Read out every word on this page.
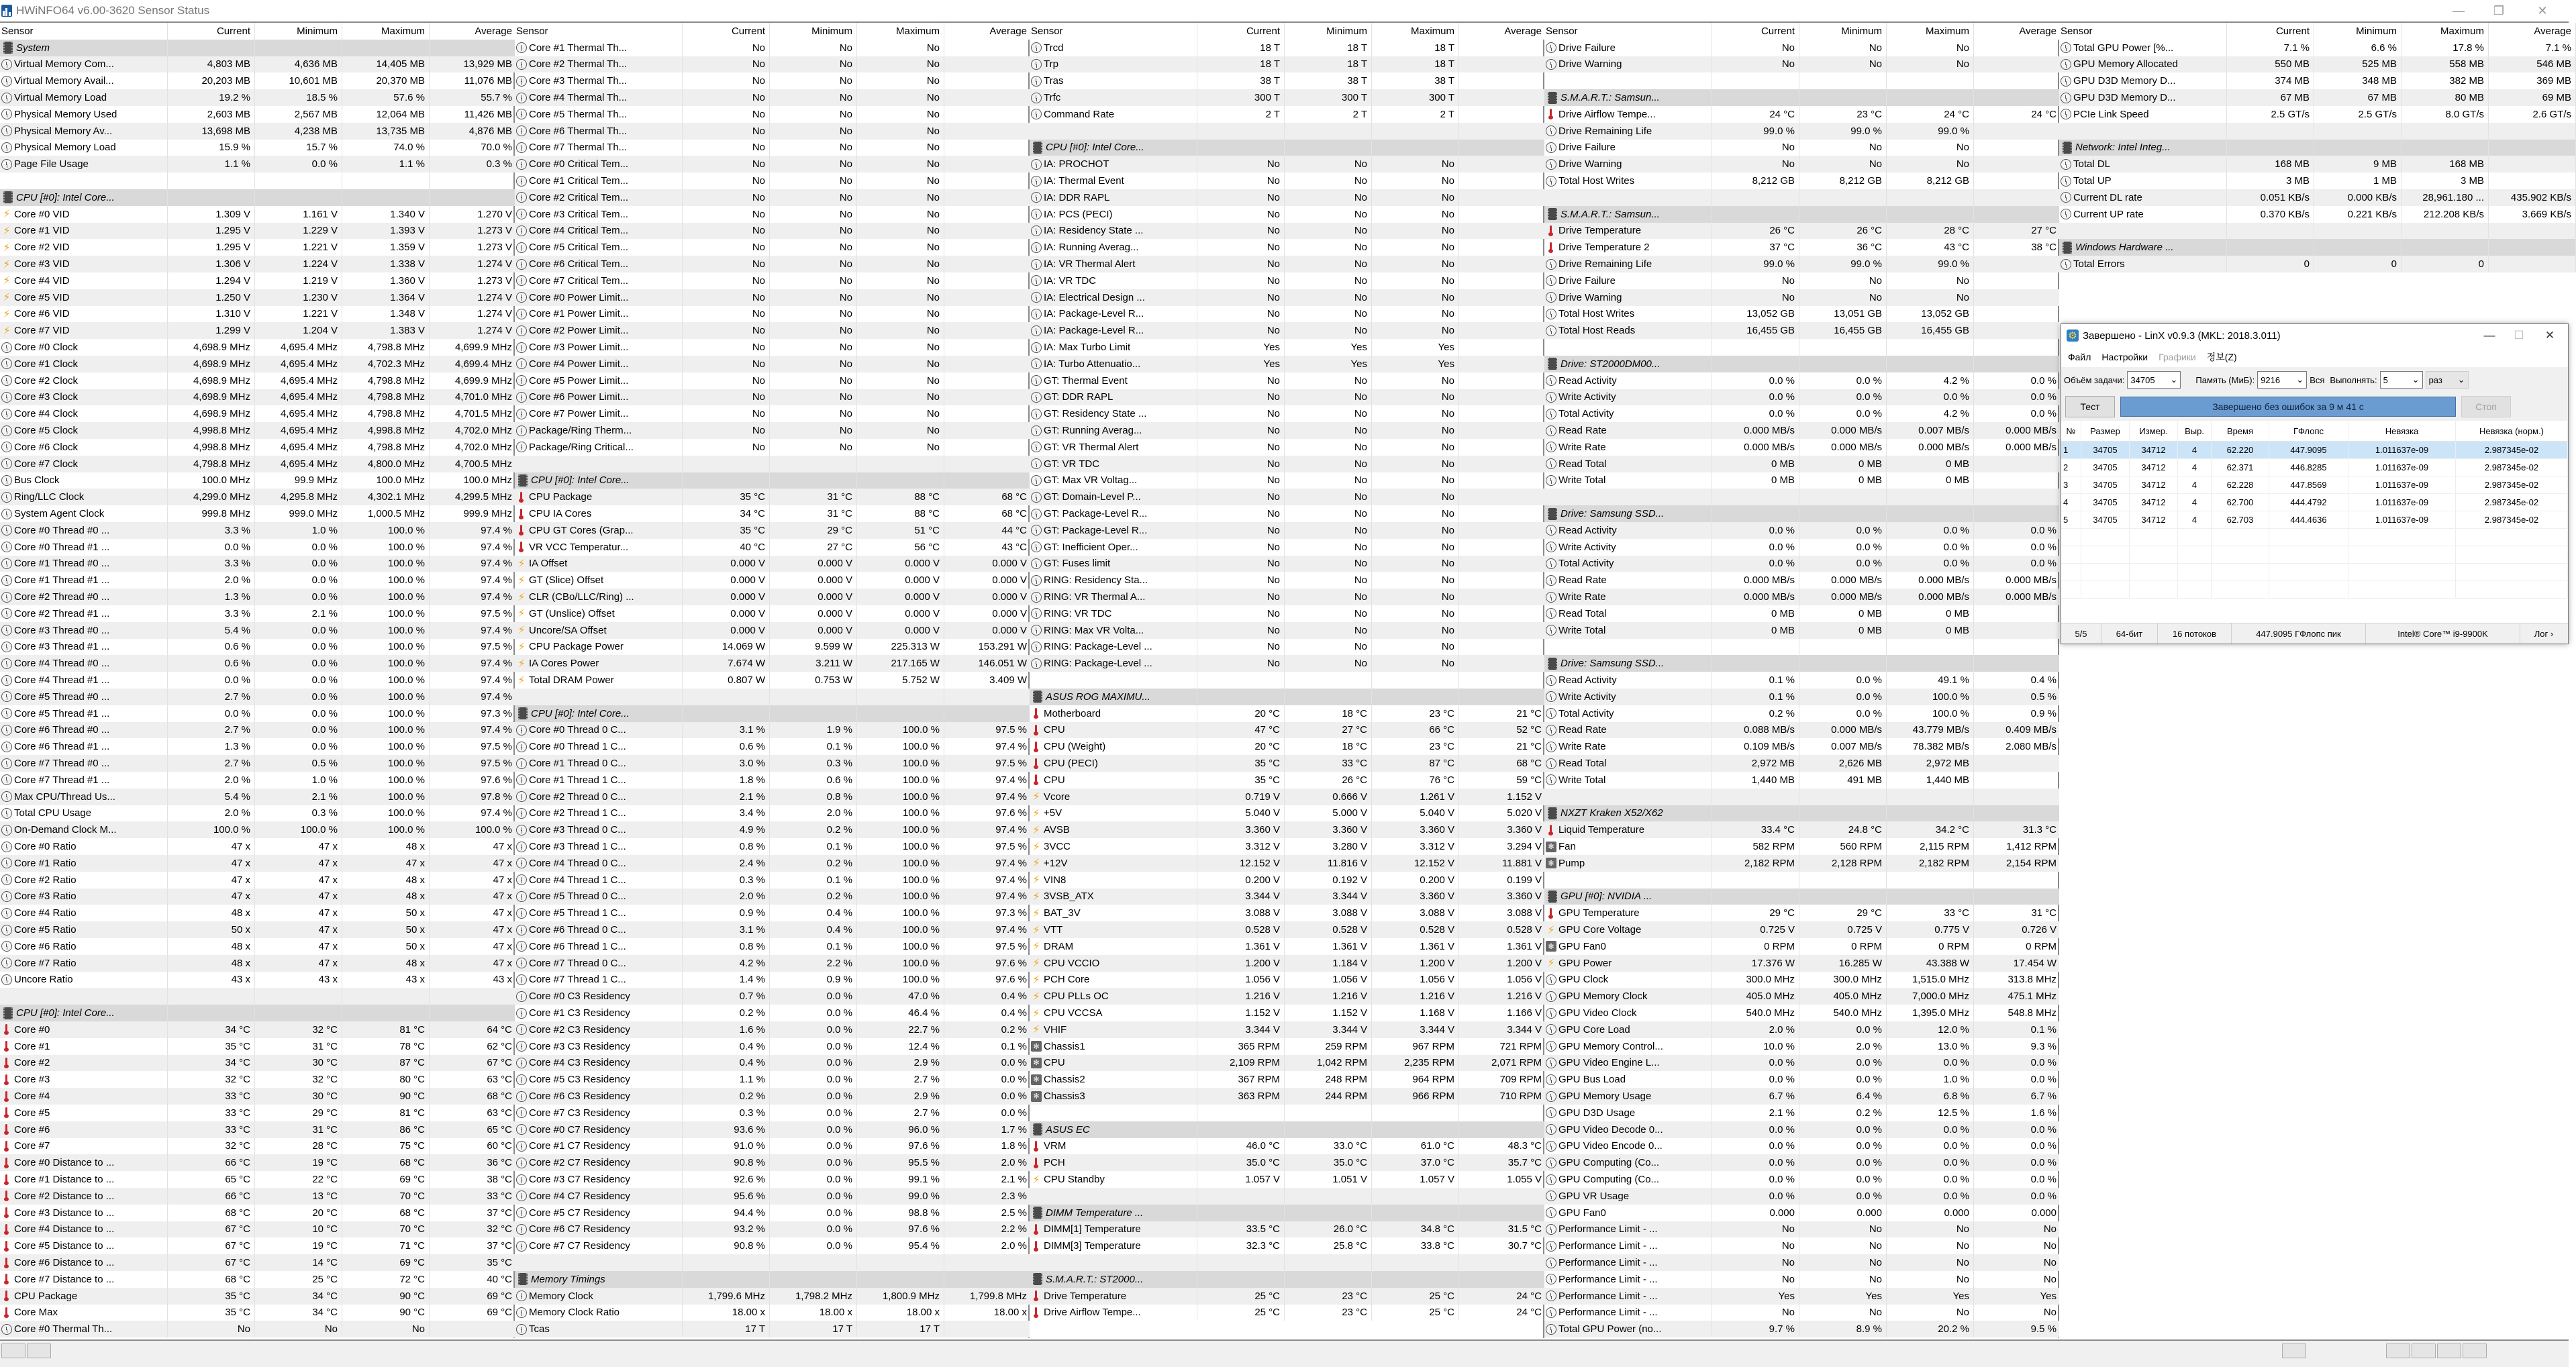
HWiNFO64 v6.00-3620 Sensor Status	— ❐	✕
Sensor	Current	Minimum	Maximum	Average
System
Virtual Memory Com...	4,803 MB	4,636 MB	14,405 MB	13,929 MB
Virtual Memory Avail...	20,203 MB	10,601 MB	20,370 MB	11,076 MB
Virtual Memory Load	19.2 %	18.5 %	57.6 %	55.7 %
Physical Memory Used	2,603 MB	2,567 MB	12,064 MB	11,426 MB
Physical Memory Av...	13,698 MB	4,238 MB	13,735 MB	4,876 MB
Physical Memory Load	15.9 %	15.7 %	74.0 %	70.0 %
Page File Usage	1.1 %	0.0 %	1.1 %	0.3 %
CPU [#0]: Intel Core...
⚡ Core #0 VID	1.309 V	1.161 V	1.340 V	1.270 V
⚡ Core #1 VID	1.295 V	1.229 V	1.393 V	1.273 V
⚡ Core #2 VID	1.295 V	1.221 V	1.359 V	1.273 V
⚡ Core #3 VID	1.306 V	1.224 V	1.338 V	1.274 V
⚡ Core #4 VID	1.294 V	1.219 V	1.360 V	1.273 V
⚡ Core #5 VID	1.250 V	1.230 V	1.364 V	1.274 V
⚡ Core #6 VID	1.310 V	1.221 V	1.348 V	1.274 V
⚡ Core #7 VID	1.299 V	1.204 V	1.383 V	1.274 V
Core #0 Clock	4,698.9 MHz	4,695.4 MHz	4,798.8 MHz	4,699.9 MHz
Core #1 Clock	4,698.9 MHz	4,695.4 MHz	4,702.3 MHz	4,699.4 MHz
Core #2 Clock	4,698.9 MHz	4,695.4 MHz	4,798.8 MHz	4,699.9 MHz
Core #3 Clock	4,698.9 MHz	4,695.4 MHz	4,798.8 MHz	4,701.0 MHz
Core #4 Clock	4,698.9 MHz	4,695.4 MHz	4,798.8 MHz	4,701.5 MHz
Core #5 Clock	4,998.8 MHz	4,695.4 MHz	4,998.8 MHz	4,702.0 MHz
Core #6 Clock	4,998.8 MHz	4,695.4 MHz	4,798.8 MHz	4,702.0 MHz
Core #7 Clock	4,798.8 MHz	4,695.4 MHz	4,800.0 MHz	4,700.5 MHz
Bus Clock	100.0 MHz	99.9 MHz	100.0 MHz	100.0 MHz
Ring/LLC Clock	4,299.0 MHz	4,295.8 MHz	4,302.1 MHz	4,299.5 MHz
System Agent Clock	999.8 MHz	999.0 MHz	1,000.5 MHz	999.9 MHz
Core #0 Thread #0 ...	3.3 %	1.0 %	100.0 %	97.4 %
Core #0 Thread #1 ...	0.0 %	0.0 %	100.0 %	97.4 %
Core #1 Thread #0 ...	3.3 %	0.0 %	100.0 %	97.4 %
Core #1 Thread #1 ...	2.0 %	0.0 %	100.0 %	97.4 %
Core #2 Thread #0 ...	1.3 %	0.0 %	100.0 %	97.4 %
Core #2 Thread #1 ...	3.3 %	2.1 %	100.0 %	97.5 %
Core #3 Thread #0 ...	5.4 %	0.0 %	100.0 %	97.4 %
Core #3 Thread #1 ...	0.6 %	0.0 %	100.0 %	97.5 %
Core #4 Thread #0 ...	0.6 %	0.0 %	100.0 %	97.4 %
Core #4 Thread #1 ...	0.0 %	0.0 %	100.0 %	97.4 %
Core #5 Thread #0 ...	2.7 %	0.0 %	100.0 %	97.4 %
Core #5 Thread #1 ...	0.0 %	0.0 %	100.0 %	97.3 %
Core #6 Thread #0 ...	2.7 %	0.0 %	100.0 %	97.4 %
Core #6 Thread #1 ...	1.3 %	0.0 %	100.0 %	97.5 %
Core #7 Thread #0 ...	2.7 %	0.5 %	100.0 %	97.5 %
Core #7 Thread #1 ...	2.0 %	1.0 %	100.0 %	97.6 %
Max CPU/Thread Us...	5.4 %	2.1 %	100.0 %	97.8 %
Total CPU Usage	2.0 %	0.3 %	100.0 %	97.4 %
On-Demand Clock M...	100.0 %	100.0 %	100.0 %	100.0 %
Core #0 Ratio	47 x	47 x	48 x	47 x
Core #1 Ratio	47 x	47 x	47 x	47 x
Core #2 Ratio	47 x	47 x	48 x	47 x
Core #3 Ratio	47 x	47 x	48 x	47 x
Core #4 Ratio	48 x	47 x	50 x	47 x
Core #5 Ratio	50 x	47 x	50 x	47 x
Core #6 Ratio	48 x	47 x	50 x	47 x
Core #7 Ratio	48 x	47 x	48 x	47 x
Uncore Ratio	43 x	43 x	43 x	43 x
CPU [#0]: Intel Core...
Core #0	34 °C	32 °C	81 °C	64 °C
Core #1	35 °C	31 °C	78 °C	62 °C
Core #2	34 °C	30 °C	87 °C	67 °C
Core #3	32 °C	32 °C	80 °C	63 °C
Core #4	33 °C	30 °C	90 °C	68 °C
Core #5	33 °C	29 °C	81 °C	63 °C
Core #6	33 °C	31 °C	86 °C	65 °C
Core #7	32 °C	28 °C	75 °C	60 °C
Core #0 Distance to ...	66 °C	19 °C	68 °C	36 °C
Core #1 Distance to ...	65 °C	22 °C	69 °C	38 °C
Core #2 Distance to ...	66 °C	13 °C	70 °C	33 °C
Core #3 Distance to ...	68 °C	20 °C	68 °C	37 °C
Core #4 Distance to ...	67 °C	10 °C	70 °C	32 °C
Core #5 Distance to ...	67 °C	19 °C	71 °C	37 °C
Core #6 Distance to ...	67 °C	14 °C	69 °C	35 °C
Core #7 Distance to ...	68 °C	25 °C	72 °C	40 °C
CPU Package	35 °C	34 °C	90 °C	69 °C
Core Max	35 °C	34 °C	90 °C	69 °C
Core #0 Thermal Th...	No	No	No
Sensor	Current	Minimum	Maximum	Average
Core #1 Thermal Th...	No	No	No
Core #2 Thermal Th...	No	No	No
Core #3 Thermal Th...	No	No	No
Core #4 Thermal Th...	No	No	No
Core #5 Thermal Th...	No	No	No
Core #6 Thermal Th...	No	No	No
Core #7 Thermal Th...	No	No	No
Core #0 Critical Tem...	No	No	No
Core #1 Critical Tem...	No	No	No
Core #2 Critical Tem...	No	No	No
Core #3 Critical Tem...	No	No	No
Core #4 Critical Tem...	No	No	No
Core #5 Critical Tem...	No	No	No
Core #6 Critical Tem...	No	No	No
Core #7 Critical Tem...	No	No	No
Core #0 Power Limit...	No	No	No
Core #1 Power Limit...	No	No	No
Core #2 Power Limit...	No	No	No
Core #3 Power Limit...	No	No	No
Core #4 Power Limit...	No	No	No
Core #5 Power Limit...	No	No	No
Core #6 Power Limit...	No	No	No
Core #7 Power Limit...	No	No	No
Package/Ring Therm...	No	No	No
Package/Ring Critical...	No	No	No
CPU [#0]: Intel Core...
CPU Package	35 °C	31 °C	88 °C	68 °C
CPU IA Cores	34 °C	31 °C	88 °C	68 °C
CPU GT Cores (Grap...	35 °C	29 °C	51 °C	44 °C
VR VCC Temperatur...	40 °C	27 °C	56 °C	43 °C
⚡ IA Offset	0.000 V	0.000 V	0.000 V	0.000 V
⚡ GT (Slice) Offset	0.000 V	0.000 V	0.000 V	0.000 V
⚡ CLR (CBo/LLC/Ring) ...	0.000 V	0.000 V	0.000 V	0.000 V
⚡ GT (Unslice) Offset	0.000 V	0.000 V	0.000 V	0.000 V
⚡ Uncore/SA Offset	0.000 V	0.000 V	0.000 V	0.000 V
⚡ CPU Package Power	14.069 W	9.599 W	225.313 W	153.291 W
⚡ IA Cores Power	7.674 W	3.211 W	217.165 W	146.051 W
⚡ Total DRAM Power	0.807 W	0.753 W	5.752 W	3.409 W
CPU [#0]: Intel Core...
Core #0 Thread 0 C...	3.1 %	1.9 %	100.0 %	97.5 %
Core #0 Thread 1 C...	0.6 %	0.1 %	100.0 %	97.4 %
Core #1 Thread 0 C...	3.0 %	0.3 %	100.0 %	97.5 %
Core #1 Thread 1 C...	1.8 %	0.6 %	100.0 %	97.4 %
Core #2 Thread 0 C...	2.1 %	0.8 %	100.0 %	97.4 %
Core #2 Thread 1 C...	3.4 %	2.0 %	100.0 %	97.6 %
Core #3 Thread 0 C...	4.9 %	0.2 %	100.0 %	97.4 %
Core #3 Thread 1 C...	0.8 %	0.1 %	100.0 %	97.5 %
Core #4 Thread 0 C...	2.4 %	0.2 %	100.0 %	97.4 %
Core #4 Thread 1 C...	0.3 %	0.1 %	100.0 %	97.4 %
Core #5 Thread 0 C...	2.0 %	0.2 %	100.0 %	97.4 %
Core #5 Thread 1 C...	0.9 %	0.4 %	100.0 %	97.3 %
Core #6 Thread 0 C...	3.1 %	0.4 %	100.0 %	97.4 %
Core #6 Thread 1 C...	0.8 %	0.1 %	100.0 %	97.5 %
Core #7 Thread 0 C...	4.2 %	2.2 %	100.0 %	97.6 %
Core #7 Thread 1 C...	1.4 %	0.9 %	100.0 %	97.6 %
Core #0 C3 Residency	0.7 %	0.0 %	47.0 %	0.4 %
Core #1 C3 Residency	0.2 %	0.0 %	46.4 %	0.4 %
Core #2 C3 Residency	1.6 %	0.0 %	22.7 %	0.2 %
Core #3 C3 Residency	0.4 %	0.0 %	12.4 %	0.1 %
Core #4 C3 Residency	0.4 %	0.0 %	2.9 %	0.0 %
Core #5 C3 Residency	1.1 %	0.0 %	2.7 %	0.0 %
Core #6 C3 Residency	0.2 %	0.0 %	2.9 %	0.0 %
Core #7 C3 Residency	0.3 %	0.0 %	2.7 %	0.0 %
Core #0 C7 Residency	93.6 %	0.0 %	96.0 %	1.7 %
Core #1 C7 Residency	91.0 %	0.0 %	97.6 %	1.8 %
Core #2 C7 Residency	90.8 %	0.0 %	95.5 %	2.0 %
Core #3 C7 Residency	92.6 %	0.0 %	99.1 %	2.1 %
Core #4 C7 Residency	95.6 %	0.0 %	99.0 %	2.3 %
Core #5 C7 Residency	94.4 %	0.0 %	98.8 %	2.5 %
Core #6 C7 Residency	93.2 %	0.0 %	97.6 %	2.2 %
Core #7 C7 Residency	90.8 %	0.0 %	95.4 %	2.0 %
Memory Timings
Memory Clock	1,799.6 MHz	1,798.2 MHz	1,800.9 MHz	1,799.8 MHz
Memory Clock Ratio	18.00 x	18.00 x	18.00 x	18.00 x
Tcas	17 T	17 T	17 T
Sensor	Current	Minimum	Maximum	Average
Trcd	18 T	18 T	18 T
Trp	18 T	18 T	18 T
Tras	38 T	38 T	38 T
Trfc	300 T	300 T	300 T
Command Rate	2 T	2 T	2 T
CPU [#0]: Intel Core...
IA: PROCHOT	No	No	No
IA: Thermal Event	No	No	No
IA: DDR RAPL	No	No	No
IA: PCS (PECI)	No	No	No
IA: Residency State ...	No	No	No
IA: Running Averag...	No	No	No
IA: VR Thermal Alert	No	No	No
IA: VR TDC	No	No	No
IA: Electrical Design ...	No	No	No
IA: Package-Level R...	No	No	No
IA: Package-Level R...	No	No	No
IA: Max Turbo Limit	Yes	Yes	Yes
IA: Turbo Attenuatio...	Yes	Yes	Yes
GT: Thermal Event	No	No	No
GT: DDR RAPL	No	No	No
GT: Residency State ...	No	No	No
GT: Running Averag...	No	No	No
GT: VR Thermal Alert	No	No	No
GT: VR TDC	No	No	No
GT: Max VR Voltag...	No	No	No
GT: Domain-Level P...	No	No	No
GT: Package-Level R...	No	No	No
GT: Package-Level R...	No	No	No
GT: Inefficient Oper...	No	No	No
GT: Fuses limit	No	No	No
RING: Residency Sta...	No	No	No
RING: VR Thermal A...	No	No	No
RING: VR TDC	No	No	No
RING: Max VR Volta...	No	No	No
RING: Package-Level ...	No	No	No
RING: Package-Level ...	No	No	No
ASUS ROG MAXIMU...
Motherboard	20 °C	18 °C	23 °C	21 °C
CPU	47 °C	27 °C	66 °C	52 °C
CPU (Weight)	20 °C	18 °C	23 °C	21 °C
CPU (PECI)	35 °C	33 °C	87 °C	68 °C
CPU	35 °C	26 °C	76 °C	59 °C
⚡ Vcore	0.719 V	0.666 V	1.261 V	1.152 V
⚡ +5V	5.040 V	5.000 V	5.040 V	5.020 V
⚡ AVSB	3.360 V	3.360 V	3.360 V	3.360 V
⚡ 3VCC	3.312 V	3.280 V	3.312 V	3.294 V
⚡ +12V	12.152 V	11.816 V	12.152 V	11.881 V
⚡ VIN8	0.200 V	0.192 V	0.200 V	0.199 V
⚡ 3VSB_ATX	3.344 V	3.344 V	3.360 V	3.360 V
⚡ BAT_3V	3.088 V	3.088 V	3.088 V	3.088 V
⚡ VTT	0.528 V	0.528 V	0.528 V	0.528 V
⚡ DRAM	1.361 V	1.361 V	1.361 V	1.361 V
⚡ CPU VCCIO	1.200 V	1.184 V	1.200 V	1.200 V
⚡ PCH Core	1.056 V	1.056 V	1.056 V	1.056 V
⚡ CPU PLLs OC	1.216 V	1.216 V	1.216 V	1.216 V
⚡ CPU VCCSA	1.152 V	1.152 V	1.168 V	1.166 V
⚡ VHIF	3.344 V	3.344 V	3.344 V	3.344 V
✻ Chassis1	365 RPM	259 RPM	967 RPM	721 RPM
✻ CPU	2,109 RPM	1,042 RPM	2,235 RPM	2,071 RPM
✻ Chassis2	367 RPM	248 RPM	964 RPM	709 RPM
✻ Chassis3	363 RPM	244 RPM	966 RPM	710 RPM
ASUS EC
VRM	46.0 °C	33.0 °C	61.0 °C	48.3 °C
PCH	35.0 °C	35.0 °C	37.0 °C	35.7 °C
⚡ CPU Standby	1.057 V	1.051 V	1.057 V	1.055 V
DIMM Temperature ...
DIMM[1] Temperature	33.5 °C	26.0 °C	34.8 °C	31.5 °C
DIMM[3] Temperature	32.3 °C	25.8 °C	33.8 °C	30.7 °C
S.M.A.R.T.: ST2000...
Drive Temperature	25 °C	23 °C	25 °C	24 °C
Drive Airflow Tempe...	25 °C	23 °C	25 °C	24 °C
Sensor	Current	Minimum	Maximum	Average
Drive Failure	No	No	No
Drive Warning	No	No	No
S.M.A.R.T.: Samsun...
Drive Airflow Tempe...	24 °C	23 °C	24 °C	24 °C
Drive Remaining Life	99.0 %	99.0 %	99.0 %
Drive Failure	No	No	No
Drive Warning	No	No	No
Total Host Writes	8,212 GB	8,212 GB	8,212 GB
S.M.A.R.T.: Samsun...
Drive Temperature	26 °C	26 °C	28 °C	27 °C
Drive Temperature 2	37 °C	36 °C	43 °C	38 °C
Drive Remaining Life	99.0 %	99.0 %	99.0 %
Drive Failure	No	No	No
Drive Warning	No	No	No
Total Host Writes	13,052 GB	13,051 GB	13,052 GB
Total Host Reads	16,455 GB	16,455 GB	16,455 GB
Drive: ST2000DM00...
Read Activity	0.0 %	0.0 %	4.2 %	0.0 %
Write Activity	0.0 %	0.0 %	0.0 %	0.0 %
Total Activity	0.0 %	0.0 %	4.2 %	0.0 %
Read Rate	0.000 MB/s	0.000 MB/s	0.007 MB/s	0.000 MB/s
Write Rate	0.000 MB/s	0.000 MB/s	0.000 MB/s	0.000 MB/s
Read Total	0 MB	0 MB	0 MB
Write Total	0 MB	0 MB	0 MB
Drive: Samsung SSD...
Read Activity	0.0 %	0.0 %	0.0 %	0.0 %
Write Activity	0.0 %	0.0 %	0.0 %	0.0 %
Total Activity	0.0 %	0.0 %	0.0 %	0.0 %
Read Rate	0.000 MB/s	0.000 MB/s	0.000 MB/s	0.000 MB/s
Write Rate	0.000 MB/s	0.000 MB/s	0.000 MB/s	0.000 MB/s
Read Total	0 MB	0 MB	0 MB
Write Total	0 MB	0 MB	0 MB
Drive: Samsung SSD...
Read Activity	0.1 %	0.0 %	49.1 %	0.4 %
Write Activity	0.1 %	0.0 %	100.0 %	0.5 %
Total Activity	0.2 %	0.0 %	100.0 %	0.9 %
Read Rate	0.088 MB/s	0.000 MB/s	43.779 MB/s	0.409 MB/s
Write Rate	0.109 MB/s	0.007 MB/s	78.382 MB/s	2.080 MB/s
Read Total	2,972 MB	2,626 MB	2,972 MB
Write Total	1,440 MB	491 MB	1,440 MB
NXZT Kraken X52/X62
Liquid Temperature	33.4 °C	24.8 °C	34.2 °C	31.3 °C
✻ Fan	582 RPM	560 RPM	2,115 RPM	1,412 RPM
✻ Pump	2,182 RPM	2,128 RPM	2,182 RPM	2,154 RPM
GPU [#0]: NVIDIA ...
GPU Temperature	29 °C	29 °C	33 °C	31 °C
⚡ GPU Core Voltage	0.725 V	0.725 V	0.775 V	0.726 V
✻ GPU Fan0	0 RPM	0 RPM	0 RPM	0 RPM
⚡ GPU Power	17.376 W	16.285 W	43.388 W	17.454 W
GPU Clock	300.0 MHz	300.0 MHz	1,515.0 MHz	313.8 MHz
GPU Memory Clock	405.0 MHz	405.0 MHz	7,000.0 MHz	475.1 MHz
GPU Video Clock	540.0 MHz	540.0 MHz	1,395.0 MHz	548.8 MHz
GPU Core Load	2.0 %	0.0 %	12.0 %	0.1 %
GPU Memory Control...	10.0 %	2.0 %	13.0 %	9.3 %
GPU Video Engine L...	0.0 %	0.0 %	0.0 %	0.0 %
GPU Bus Load	0.0 %	0.0 %	1.0 %	0.0 %
GPU Memory Usage	6.7 %	6.4 %	6.8 %	6.7 %
GPU D3D Usage	2.1 %	0.2 %	12.5 %	1.6 %
GPU Video Decode 0...	0.0 %	0.0 %	0.0 %	0.0 %
GPU Video Encode 0...	0.0 %	0.0 %	0.0 %	0.0 %
GPU Computing (Co...	0.0 %	0.0 %	0.0 %	0.0 %
GPU Computing (Co...	0.0 %	0.0 %	0.0 %	0.0 %
GPU VR Usage	0.0 %	0.0 %	0.0 %	0.0 %
GPU Fan0	0.000	0.000	0.000	0.000
Performance Limit - ...	No	No	No	No
Performance Limit - ...	No	No	No	No
Performance Limit - ...	No	No	No	No
Performance Limit - ...	No	No	No	No
Performance Limit - ...	Yes	Yes	Yes	Yes
Performance Limit - ...	No	No	No	No
Total GPU Power (no...	9.7 %	8.9 %	20.2 %	9.5 %
Sensor	Current	Minimum	Maximum	Average
Total GPU Power [%...	7.1 %	6.6 %	17.8 %	7.1 %
GPU Memory Allocated	550 MB	525 MB	558 MB	546 MB
GPU D3D Memory D...	374 MB	348 MB	382 MB	369 MB
GPU D3D Memory D...	67 MB	67 MB	80 MB	69 MB
PCIe Link Speed	2.5 GT/s	2.5 GT/s	8.0 GT/s	2.6 GT/s
Network: Intel Integ...
Total DL	168 MB	9 MB	168 MB
Total UP	3 MB	1 MB	3 MB
Current DL rate	0.051 KB/s	0.000 KB/s	28,961.180 ...	435.902 KB/s
Current UP rate	0.370 KB/s	0.221 KB/s	212.208 KB/s	3.669 KB/s
Windows Hardware ...
Total Errors	0	0	0
⚙ Завершено - LinX v0.9.3 (MKL: 2018.3.011)	— ☐ ✕
Файл Настройки Графики 정보(Z)
Объём задачи: 34705 ⌄ Память (МиБ): 9216 ⌄ Вся Выполнять: 5	⌄ раз ⌄
Тест	Завершено без ошибок за 9 м 41 с	Стоп
№	Размер	Измер.	Выр.	Время	ГФлопс	Невязка	Невязка (норм.)
1	34705	34712	4	62.220	447.9095	1.011637e-09	2.987345e-02
2	34705	34712	4	62.371	446.8285	1.011637e-09	2.987345e-02
3	34705	34712	4	62.228	447.8569	1.011637e-09	2.987345e-02
4	34705	34712	4	62.700	444.4792	1.011637e-09	2.987345e-02
5	34705	34712	4	62.703	444.4636	1.011637e-09	2.987345e-02
5/5	64-бит	16 потоков	447.9095 ГФлопс пик	Intel® Core™ i9-9900K	Лог ›
